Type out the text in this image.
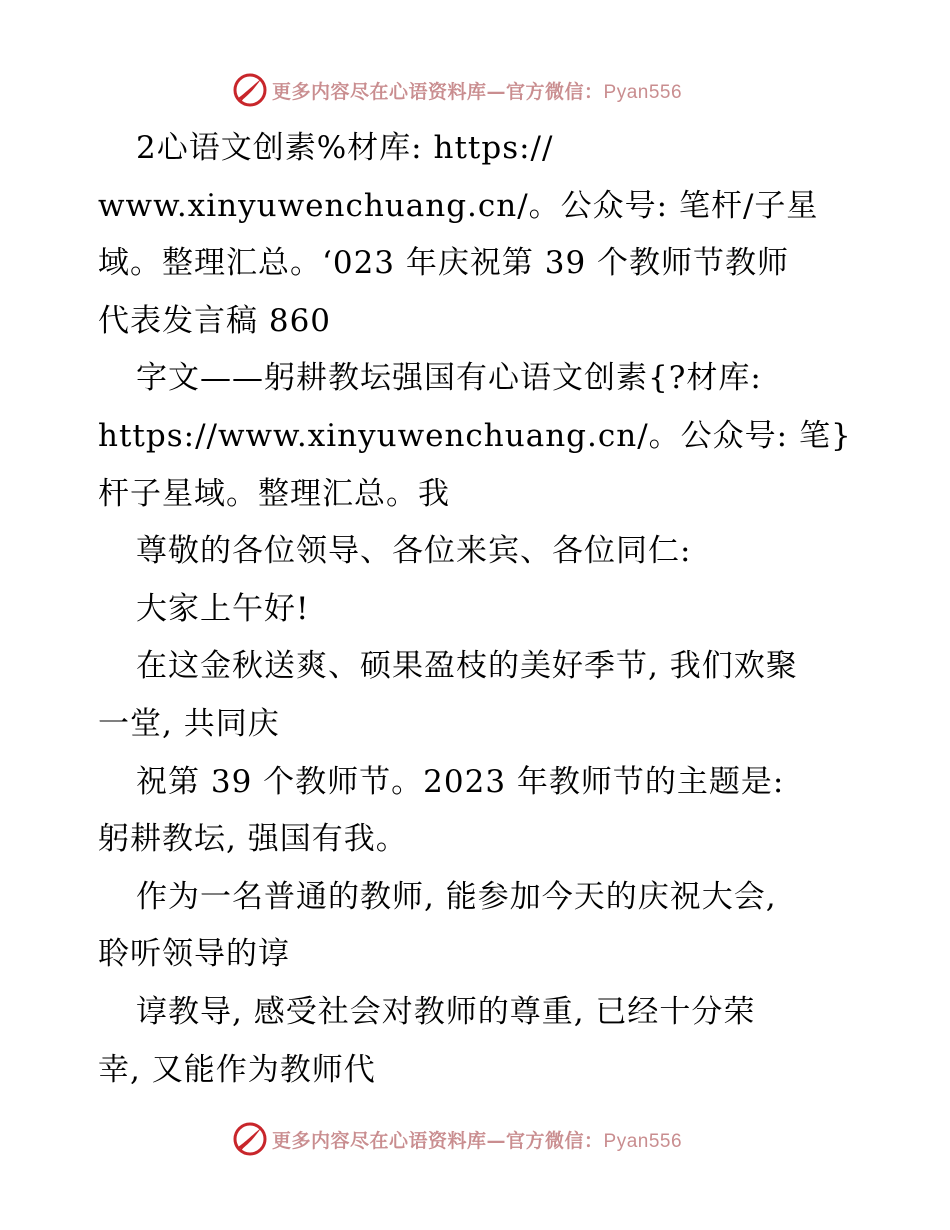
更多内容尽在心语资料库—官方微信：Pyan556
2心语文创素%材库: https://
www.xinyuwenchuang.cn/。公众号: 笔杆/子星
域。整理汇总。‘023 年庆祝第 39 个教师节教师
代表发言稿 860
字文——躬耕教坛强国有心语文创素{?材库:
https://www.xinyuwenchuang.cn/。公众号: 笔}
杆子星域。整理汇总。我
尊敬的各位领导、各位来宾、各位同仁:
大家上午好!
在这金秋送爽、硕果盈枝的美好季节, 我们欢聚
一堂, 共同庆
祝第 39 个教师节。2023 年教师节的主题是:
躬耕教坛, 强国有我。
作为一名普通的教师, 能参加今天的庆祝大会,
聆听领导的谆
谆教导, 感受社会对教师的尊重, 已经十分荣
幸, 又能作为教师代
更多内容尽在心语资料库—官方微信：Pyan556
